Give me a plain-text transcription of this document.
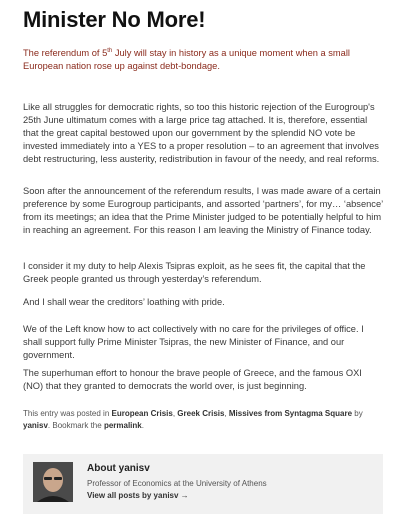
Minister No More!
The referendum of 5th July will stay in history as a unique moment when a small European nation rose up against debt-bondage.
Like all struggles for democratic rights, so too this historic rejection of the Eurogroup's 25th June ultimatum comes with a large price tag attached. It is, therefore, essential that the great capital bestowed upon our government by the splendid NO vote be invested immediately into a YES to a proper resolution – to an agreement that involves debt restructuring, less austerity, redistribution in favour of the needy, and real reforms.
Soon after the announcement of the referendum results, I was made aware of a certain preference by some Eurogroup participants, and assorted ‘partners’, for my… ‘absence’ from its meetings; an idea that the Prime Minister judged to be potentially helpful to him in reaching an agreement. For this reason I am leaving the Ministry of Finance today.
I consider it my duty to help Alexis Tsipras exploit, as he sees fit, the capital that the Greek people granted us through yesterday’s referendum.
And I shall wear the creditors’ loathing with pride.
We of the Left know how to act collectively with no care for the privileges of office. I shall support fully Prime Minister Tsipras, the new Minister of Finance, and our government.
The superhuman effort to honour the brave people of Greece, and the famous OXI (NO) that they granted to democrats the world over, is just beginning.
This entry was posted in European Crisis, Greek Crisis, Missives from Syntagma Square by yanisv. Bookmark the permalink.
About yanisv
Professor of Economics at the University of Athens
View all posts by yanisv →
